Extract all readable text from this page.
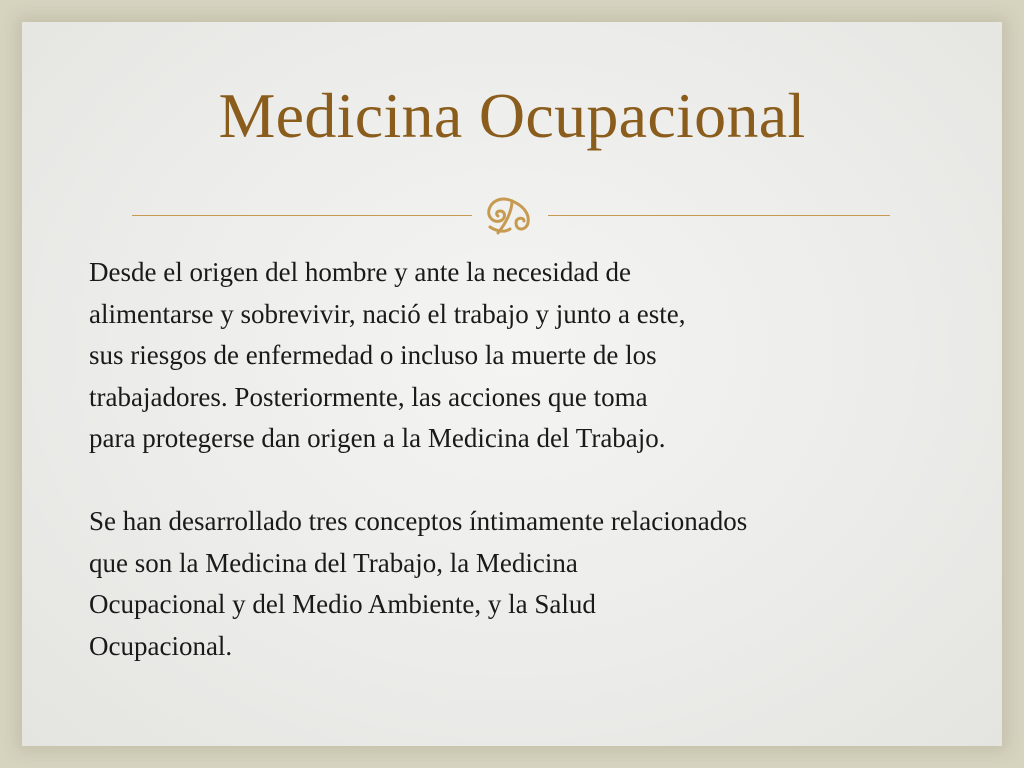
Medicina Ocupacional

Desde el origen del hombre y ante la necesidad de
alimentarse y sobrevivir, nació el trabajo y junto a este,
sus riesgos de enfermedad o incluso la muerte de los
trabajadores. Posteriormente, las acciones que toma
para protegerse dan origen a la Medicina del Trabajo.

Se han desarrollado tres conceptos íntimamente relacionados
que son la Medicina del Trabajo, la Medicina
Ocupacional y del Medio Ambiente, y la Salud
Ocupacional.
